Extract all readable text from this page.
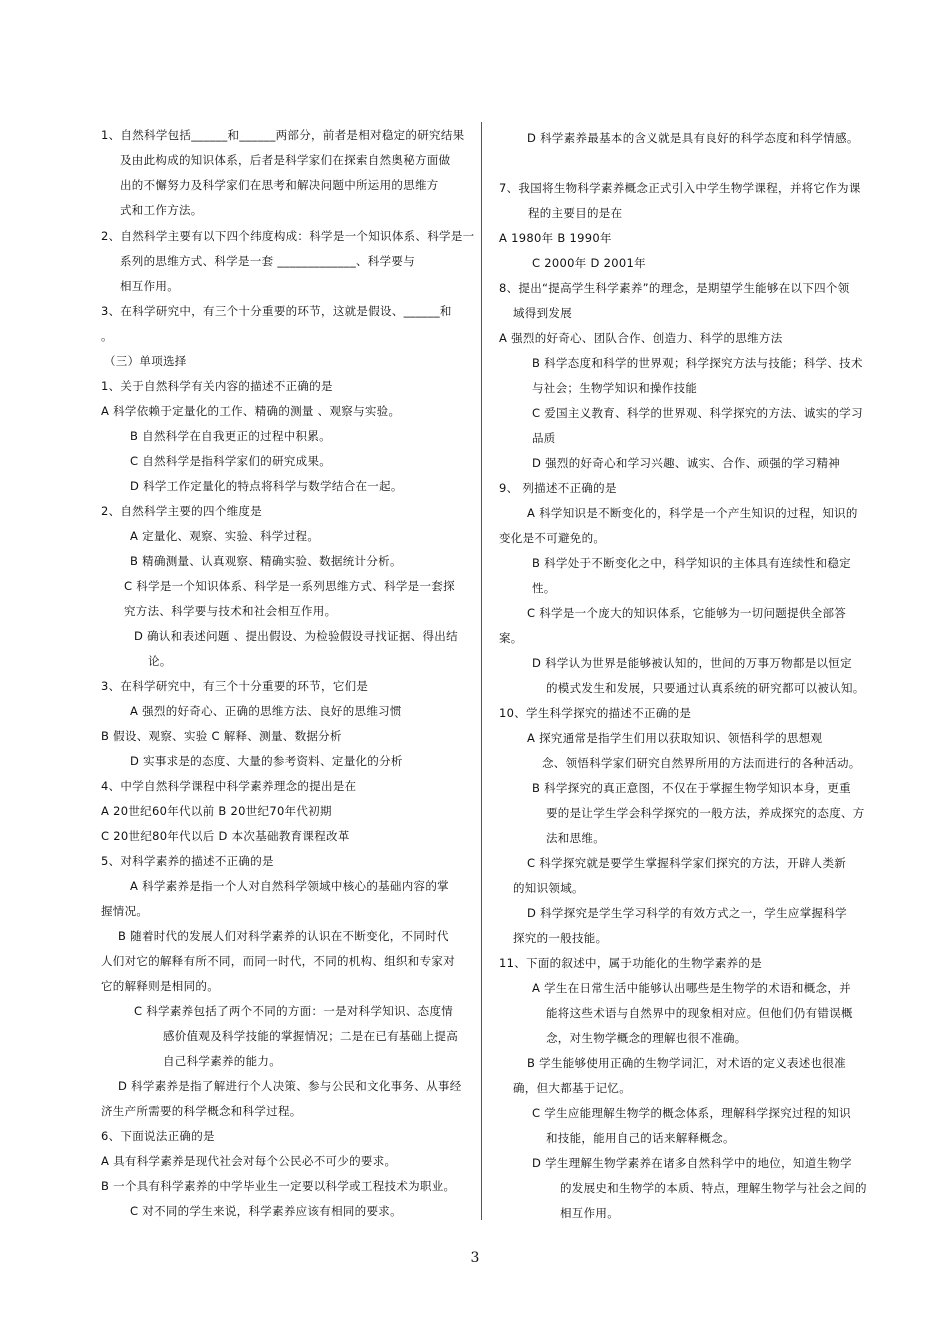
1、自然科学包括______和______两部分，前者是相对稳定的研究结果
及由此构成的知识体系，后者是科学家们在探索自然奥秘方面做
出的不懈努力及科学家们在思考和解决问题中所运用的思维方
式和工作方法。
2、自然科学主要有以下四个纬度构成：科学是一个知识体系、科学是一
系列的思维方式、科学是一套 _____________、科学要与
相互作用。
3、在科学研究中，有三个十分重要的环节，这就是假设、______和
。
（三）单项选择
1、关于自然科学有关内容的描述不正确的是
A 科学依赖于定量化的工作、精确的测量 、观察与实验。
B 自然科学在自我更正的过程中积累。
C 自然科学是指科学家们的研究成果。
D 科学工作定量化的特点将科学与数学结合在一起。
2、自然科学主要的四个维度是
A 定量化、观察、实验、科学过程。
B 精确测量、认真观察、精确实验、数据统计分析。
C 科学是一个知识体系、科学是一系列思维方式、科学是一套探
究方法、科学要与技术和社会相互作用。
D 确认和表述问题 、提出假设、为检验假设寻找证据、得出结
论。
3、在科学研究中，有三个十分重要的环节，它们是
A 强烈的好奇心、正确的思维方法、良好的思维习惯
B 假设、观察、实验 C 解释、测量、数据分析
D 实事求是的态度、大量的参考资料、定量化的分析
4、中学自然科学课程中科学素养理念的提出是在
A 20世纪60年代以前 B 20世纪70年代初期
C 20世纪80年代以后 D 本次基础教育课程改革
5、对科学素养的描述不正确的是
A 科学素养是指一个人对自然科学领域中核心的基础内容的掌
握情况。
B 随着时代的发展人们对科学素养的认识在不断变化，不同时代
人们对它的解释有所不同，而同一时代，不同的机构、组织和专家对
它的解释则是相同的。
C 科学素养包括了两个不同的方面：一是对科学知识、态度情
感价值观及科学技能的掌握情况；二是在已有基础上提高
自己科学素养的能力。
D 科学素养是指了解进行个人决策、参与公民和文化事务、从事经
济生产所需要的科学概念和科学过程。
6、下面说法正确的是
A 具有科学素养是现代社会对每个公民必不可少的要求。
B 一个具有科学素养的中学毕业生一定要以科学或工程技术为职业。
C 对不同的学生来说，科学素养应该有相同的要求。
D 科学素养最基本的含义就是具有良好的科学态度和科学情感。
7、我国将生物科学素养概念正式引入中学生物学课程，并将它作为课
程的主要目的是在
A 1980年 B 1990年
C 2000年 D 2001年
8、提出“提高学生科学素养”的理念，是期望学生能够在以下四个领
域得到发展
A 强烈的好奇心、团队合作、创造力、科学的思维方法
B 科学态度和科学的世界观；科学探究方法与技能；科学、技术
与社会；生物学知识和操作技能
C 爱国主义教育、科学的世界观、科学探究的方法、诚实的学习
品质
D 强烈的好奇心和学习兴趣、诚实、合作、顽强的学习精神
9、 列描述不正确的是
A 科学知识是不断变化的，科学是一个产生知识的过程，知识的
变化是不可避免的。
B 科学处于不断变化之中，科学知识的主体具有连续性和稳定
性。
C 科学是一个庞大的知识体系，它能够为一切问题提供全部答
案。
D 科学认为世界是能够被认知的，世间的万事万物都是以恒定
的模式发生和发展，只要通过认真系统的研究都可以被认知。
10、学生科学探究的描述不正确的是
A 探究通常是指学生们用以获取知识、领悟科学的思想观
念、领悟科学家们研究自然界所用的方法而进行的各种活动。
B 科学探究的真正意图，不仅在于掌握生物学知识本身，更重
要的是让学生学会科学探究的一般方法，养成探究的态度、方
法和思维。
C 科学探究就是要学生掌握科学家们探究的方法，开辟人类新
的知识领域。
D 科学探究是学生学习科学的有效方式之一，学生应掌握科学
探究的一般技能。
11、下面的叙述中，属于功能化的生物学素养的是
A 学生在日常生活中能够认出哪些是生物学的术语和概念，并
能将这些术语与自然界中的现象相对应。但他们仍有错误概
念，对生物学概念的理解也很不准确。
B 学生能够使用正确的生物学词汇，对术语的定义表述也很准
确，但大都基于记忆。
C 学生应能理解生物学的概念体系，理解科学探究过程的知识
和技能，能用自己的话来解释概念。
D 学生理解生物学素养在诸多自然科学中的地位，知道生物学
的发展史和生物学的本质、特点，理解生物学与社会之间的
相互作用。
3
